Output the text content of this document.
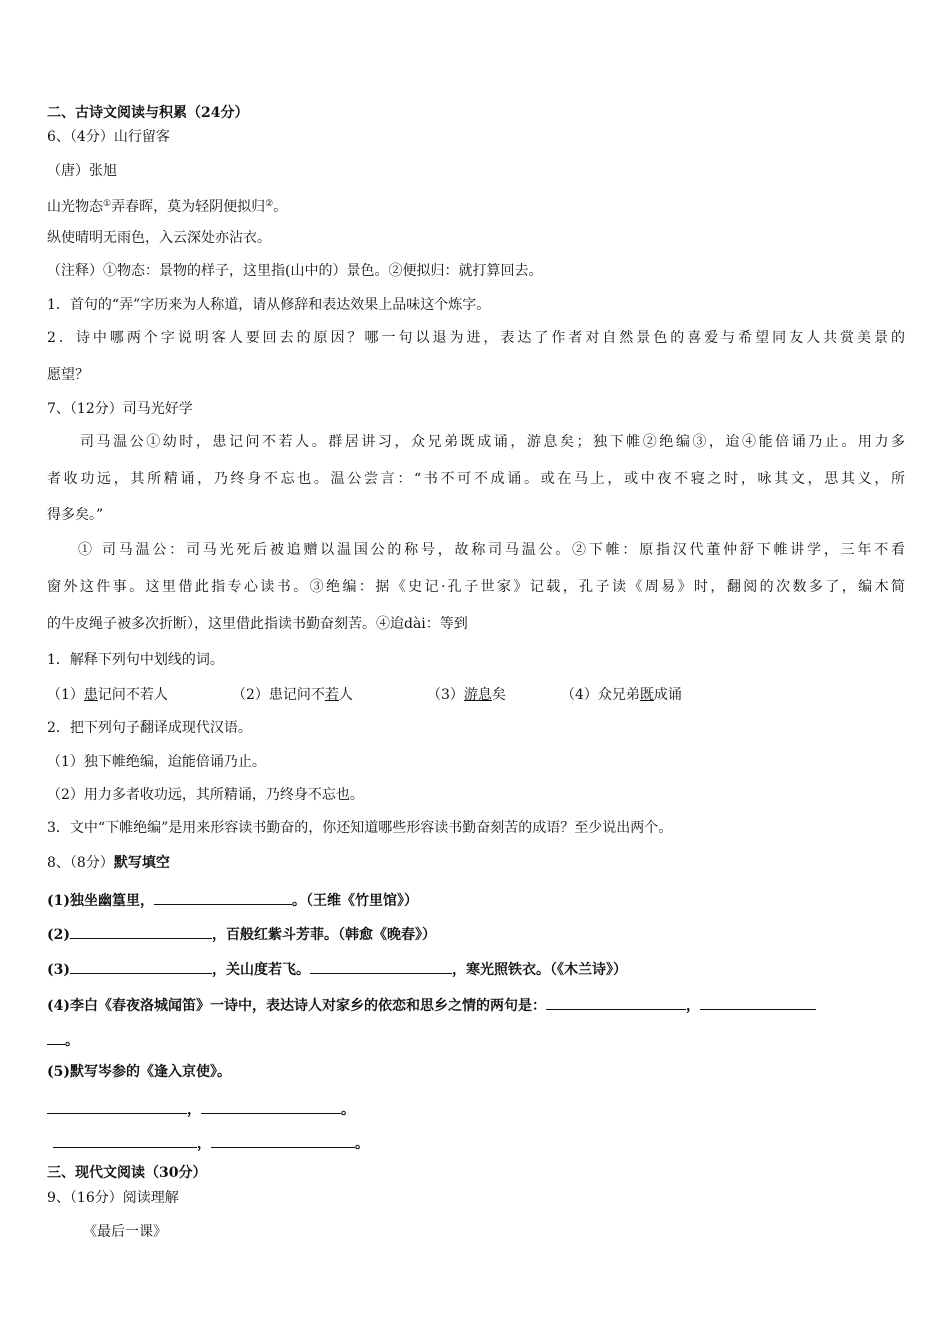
二、古诗文阅读与积累（24分）
6、（4分）山行留客
（唐）张旭
山光物态①弄春晖，莫为轻阴便拟归②。
纵使晴明无雨色，入云深处亦沾衣。
（注释）①物态：景物的样子，这里指(山中的）景色。②便拟归：就打算回去。
1．首句的“弄”字历来为人称道，请从修辞和表达效果上品味这个炼字。
2．诗中哪两个字说明客人要回去的原因？哪一句以退为进，表达了作者对自然景色的喜爱与希望同友人共赏美景的
愿望？
7、（12分）司马光好学
司马温公①幼时，患记问不若人。群居讲习，众兄弟既成诵，游息矣；独下帷②绝编③，迨④能倍诵乃止。用力多
者收功远，其所精诵，乃终身不忘也。温公尝言：“书不可不成诵。或在马上，或中夜不寝之时，咏其文，思其义，所
得多矣。”
① 司马温公：司马光死后被追赠以温国公的称号，故称司马温公。②下帷：原指汉代董仲舒下帷讲学，三年不看
窗外这件事。这里借此指专心读书。③绝编：据《史记·孔子世家》记载，孔子读《周易》时，翻阅的次数多了，编木简
的牛皮绳子被多次折断），这里借此指读书勤奋刻苦。④迨dài：等到
1．解释下列句中划线的词。
（1）患记问不若人	（2）患记问不若人	（3）游息矣	（4）众兄弟既成诵
2．把下列句子翻译成现代汉语。
（1）独下帷绝编，迨能倍诵乃止。
（2）用力多者收功远，其所精诵，乃终身不忘也。
3．文中“下帷绝编”是用来形容读书勤奋的，你还知道哪些形容读书勤奋刻苦的成语？至少说出两个。
8、（8分）默写填空
(1)独坐幽篁里，	。（王维《竹里馆》）
(2)	，百般红紫斗芳菲。（韩愈《晚春》）
(3)	，关山度若飞。	，寒光照铁衣。（《木兰诗》）
(4)李白《春夜洛城闻笛》一诗中，表达诗人对家乡的依恋和思乡之情的两句是：	，
。
(5)默写岑参的《逢入京使》。
，	。
，	。
三、现代文阅读（30分）
9、（16分）阅读理解
《最后一课》
